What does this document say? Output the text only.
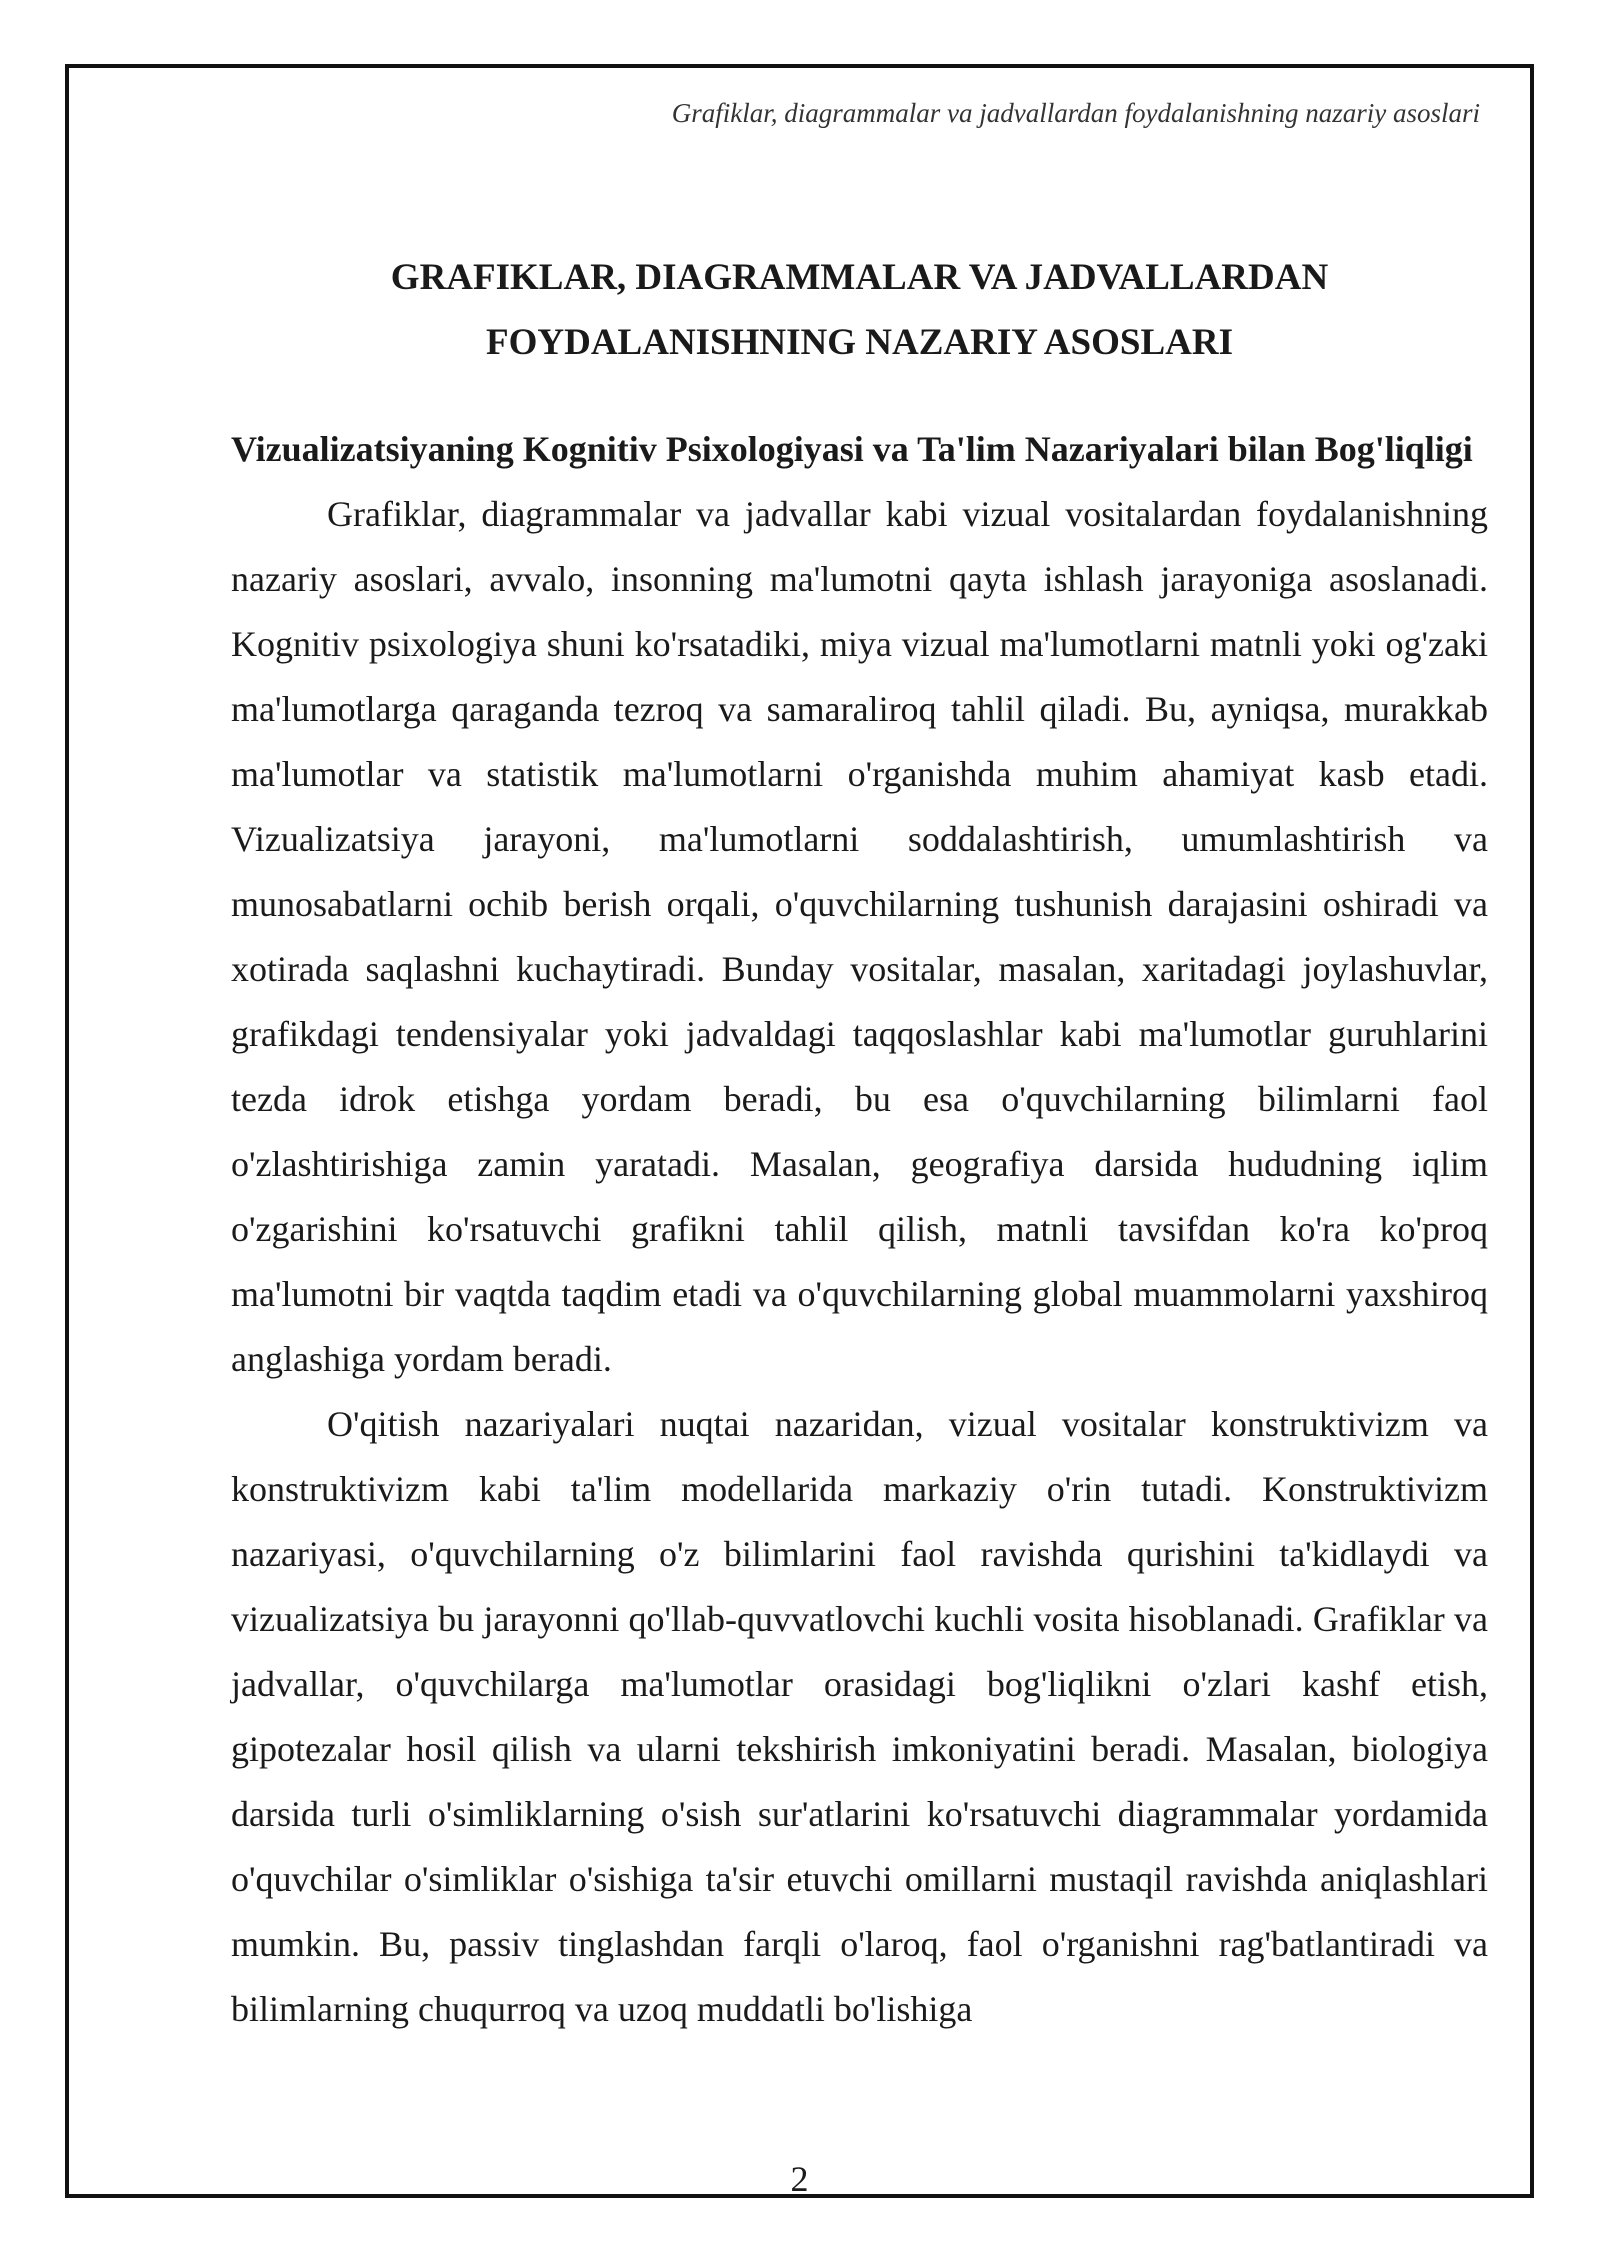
Grafiklar, diagrammalar va jadvallardan foydalanishning nazariy asoslari
GRAFIKLAR, DIAGRAMMALAR VA JADVALLARDAN
FOYDALANISHNING NAZARIY ASOSLARI
Vizualizatsiyaning Kognitiv Psixologiyasi va Ta'lim Nazariyalari bilan Bog'liqligi

Grafiklar, diagrammalar va jadvallar kabi vizual vositalardan foydalanishning nazariy asoslari, avvalo, insonning ma'lumotni qayta ishlash jarayoniga asoslanadi. Kognitiv psixologiya shuni ko'rsatadiki, miya vizual ma'lumotlarni matnli yoki og'zaki ma'lumotlarga qaraganda tezroq va samaraliroq tahlil qiladi. Bu, ayniqsa, murakkab ma'lumotlar va statistik ma'lumotlarni o'rganishda muhim ahamiyat kasb etadi. Vizualizatsiya jarayoni, ma'lumotlarni soddalashtirish, umumlashtirish va munosabatlarni ochib berish orqali, o'quvchilarning tushunish darajasini oshiradi va xotirada saqlashni kuchaytiradi. Bunday vositalar, masalan, xaritadagi joylashuvlar, grafikdagi tendensiyalar yoki jadvaldagi taqqoslashlar kabi ma'lumotlar guruhlarini tezda idrok etishga yordam beradi, bu esa o'quvchilarning bilimlarni faol o'zlashtirishiga zamin yaratadi. Masalan, geografiya darsida hududning iqlim o'zgarishini ko'rsatuvchi grafikni tahlil qilish, matnli tavsifdan ko'ra ko'proq ma'lumotni bir vaqtda taqdim etadi va o'quvchilarning global muammolarni yaxshiroq anglashiga yordam beradi.

O'qitish nazariyalari nuqtai nazaridan, vizual vositalar konstruktivizm va konstruktivizm kabi ta'lim modellarida markaziy o'rin tutadi. Konstruktivizm nazariyasi, o'quvchilarning o'z bilimlarini faol ravishda qurishini ta'kidlaydi va vizualizatsiya bu jarayonni qo'llab-quvvatlovchi kuchli vosita hisoblanadi. Grafiklar va jadvallar, o'quvchilarga ma'lumotlar orasidagi bog'liqlikni o'zlari kashf etish, gipotezalar hosil qilish va ularni tekshirish imkoniyatini beradi. Masalan, biologiya darsida turli o'simliklarning o'sish sur'atlarini ko'rsatuvchi diagrammalar yordamida o'quvchilar o'simliklar o'sishiga ta'sir etuvchi omillarni mustaqil ravishda aniqlashlari mumkin. Bu, passiv tinglashdan farqli o'laroq, faol o'rganishni rag'batlantiradi va bilimlarning chuqurroq va uzoq muddatli bo'lishiga

2
